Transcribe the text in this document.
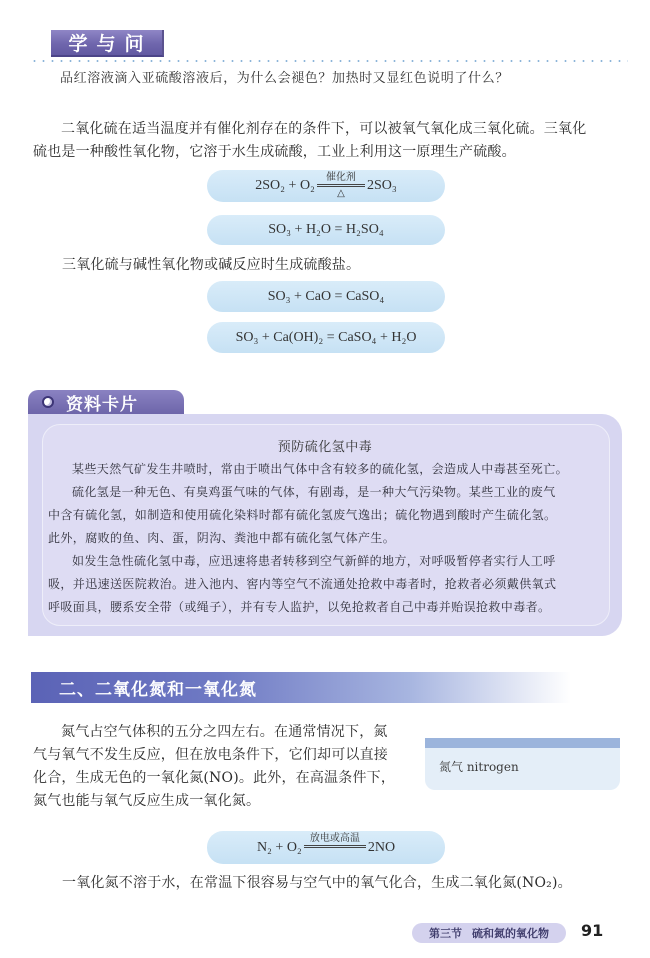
学与问
品红溶液滴入亚硫酸溶液后，为什么会褪色？加热时又显红色说明了什么？
二氧化硫在适当温度并有催化剂存在的条件下，可以被氧气氧化成三氧化硫。三氧化
硫也是一种酸性氧化物，它溶于水生成硫酸，工业上利用这一原理生产硫酸。
2SO₂ + O₂
催化剂
△ 2SO₃
SO₃ + H₂O = H₂SO₄
三氧化硫与碱性氧化物或碱反应时生成硫酸盐。
SO₃ + CaO = CaSO₄
SO₃ + Ca(OH)₂ = CaSO₄ + H₂O
资料卡片
预防硫化氢中毒
某些天然气矿发生井喷时，常由于喷出气体中含有较多的硫化氢，会造成人中毒甚至死亡。
硫化氢是一种无色、有臭鸡蛋气味的气体，有剧毒，是一种大气污染物。某些工业的废气
中含有硫化氢，如制造和使用硫化染料时都有硫化氢废气逸出；硫化物遇到酸时产生硫化氢。
此外，腐败的鱼、肉、蛋，阴沟、粪池中都有硫化氢气体产生。
如发生急性硫化氢中毒，应迅速将患者转移到空气新鲜的地方，对呼吸暂停者实行人工呼
吸，并迅速送医院救治。进入池内、窖内等空气不流通处抢救中毒者时，抢救者必须戴供氧式
呼吸面具，腰系安全带（或绳子），并有专人监护，以免抢救者自己中毒并贻误抢救中毒者。
二、二氧化氮和一氧化氮
氮气占空气体积的五分之四左右。在通常情况下，氮
气与氧气不发生反应，但在放电条件下，它们却可以直接
化合，生成无色的一氧化氮(NO)。此外，在高温条件下，
氮气也能与氧气反应生成一氧化氮。
氮气 nitrogen
N₂ + O₂
放电或高温

2NO
一氧化氮不溶于水，在常温下很容易与空气中的氧气化合，生成二氧化氮(NO₂)。
第三节 硫和氮的氧化物 91
